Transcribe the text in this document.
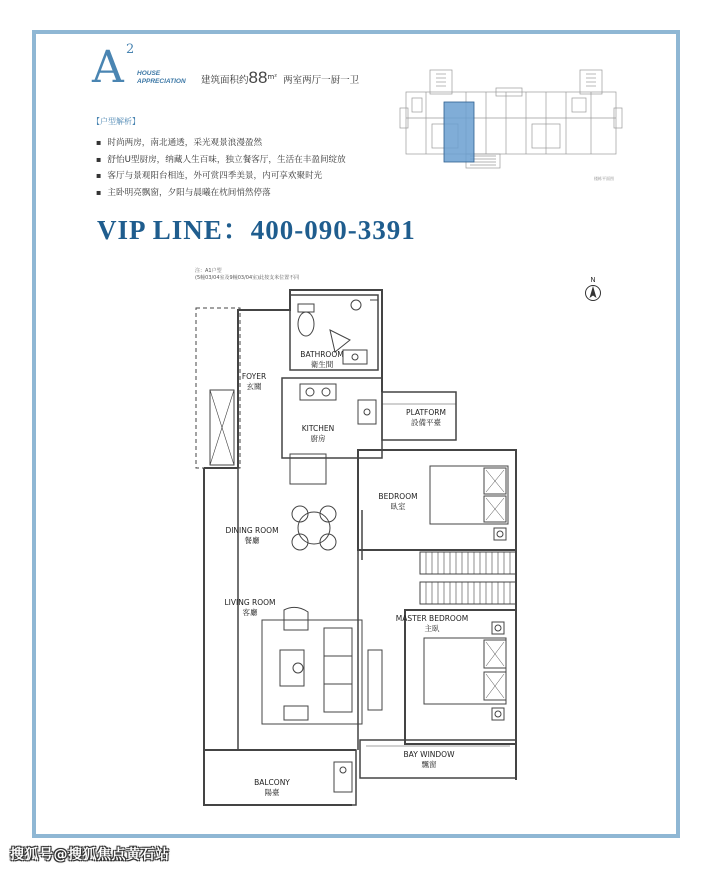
A 2
HOUSE
APPRECIATION 建筑面积约$88^{m^2}$ 两室两厅一厨一卫
【户型解析】
▪ 时尚两房，南北通透，采光观景浪漫盈然
▪ 舒怡U型厨房，纳藏人生百味，独立餐客厅，生活在丰盈间绽放
▪ 客厅与景观阳台相连，外可赏四季美景，内可享欢聚时光
▪ 主卧明亮飘窗，夕阳与晨曦在枕间悄然停落
VIP LINE：400-090-3391
楼栋平面图
注：A1户型
(5幢03/04室及9幢03/04室)此按支米位置不同	N
FOYER
玄關
BATHROOM
衛生間
KITCHEN
廚房
PLATFORM
設備平臺
BEDROOM
臥室
DINING ROOM
餐廳
LIVING ROOM
客廳
MASTER BEDROOM
主臥
BAY WINDOW
飄窗
BALCONY
陽臺
搜狐号@搜狐焦点黄石站
